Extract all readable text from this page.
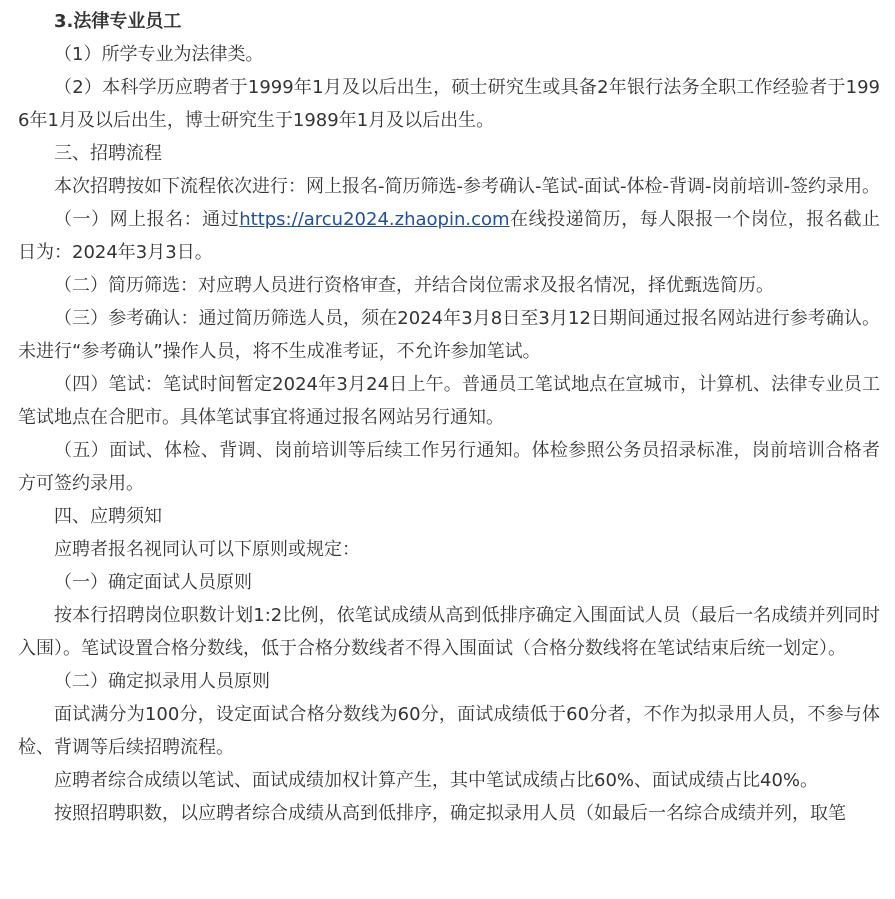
3.法律专业员工

（1）所学专业为法律类。

（2）本科学历应聘者于1999年1月及以后出生，硕士研究生或具备2年银行法务全职工作经验者于1996年1月及以后出生，博士研究生于1989年1月及以后出生。

三、招聘流程

本次招聘按如下流程依次进行：网上报名-简历筛选-参考确认-笔试-面试-体检-背调-岗前培训-签约录用。

（一）网上报名：通过https://arcu2024.zhaopin.com在线投递简历，每人限报一个岗位，报名截止日为：2024年3月3日。

（二）简历筛选：对应聘人员进行资格审查，并结合岗位需求及报名情况，择优甄选简历。

（三）参考确认：通过简历筛选人员，须在2024年3月8日至3月12日期间通过报名网站进行参考确认。未进行“参考确认”操作人员，将不生成准考证，不允许参加笔试。

（四）笔试：笔试时间暂定2024年3月24日上午。普通员工笔试地点在宣城市，计算机、法律专业员工笔试地点在合肥市。具体笔试事宜将通过报名网站另行通知。

（五）面试、体检、背调、岗前培训等后续工作另行通知。体检参照公务员招录标准，岗前培训合格者方可签约录用。

四、应聘须知

应聘者报名视同认可以下原则或规定：

（一）确定面试人员原则

按本行招聘岗位职数计划1:2比例，依笔试成绩从高到低排序确定入围面试人员（最后一名成绩并列同时入围）。笔试设置合格分数线，低于合格分数线者不得入围面试（合格分数线将在笔试结束后统一划定）。

（二）确定拟录用人员原则

面试满分为100分，设定面试合格分数线为60分，面试成绩低于60分者，不作为拟录用人员，不参与体检、背调等后续招聘流程。

应聘者综合成绩以笔试、面试成绩加权计算产生，其中笔试成绩占比60%、面试成绩占比40%。

按照招聘职数，以应聘者综合成绩从高到低排序，确定拟录用人员（如最后一名综合成绩并列，取笔
